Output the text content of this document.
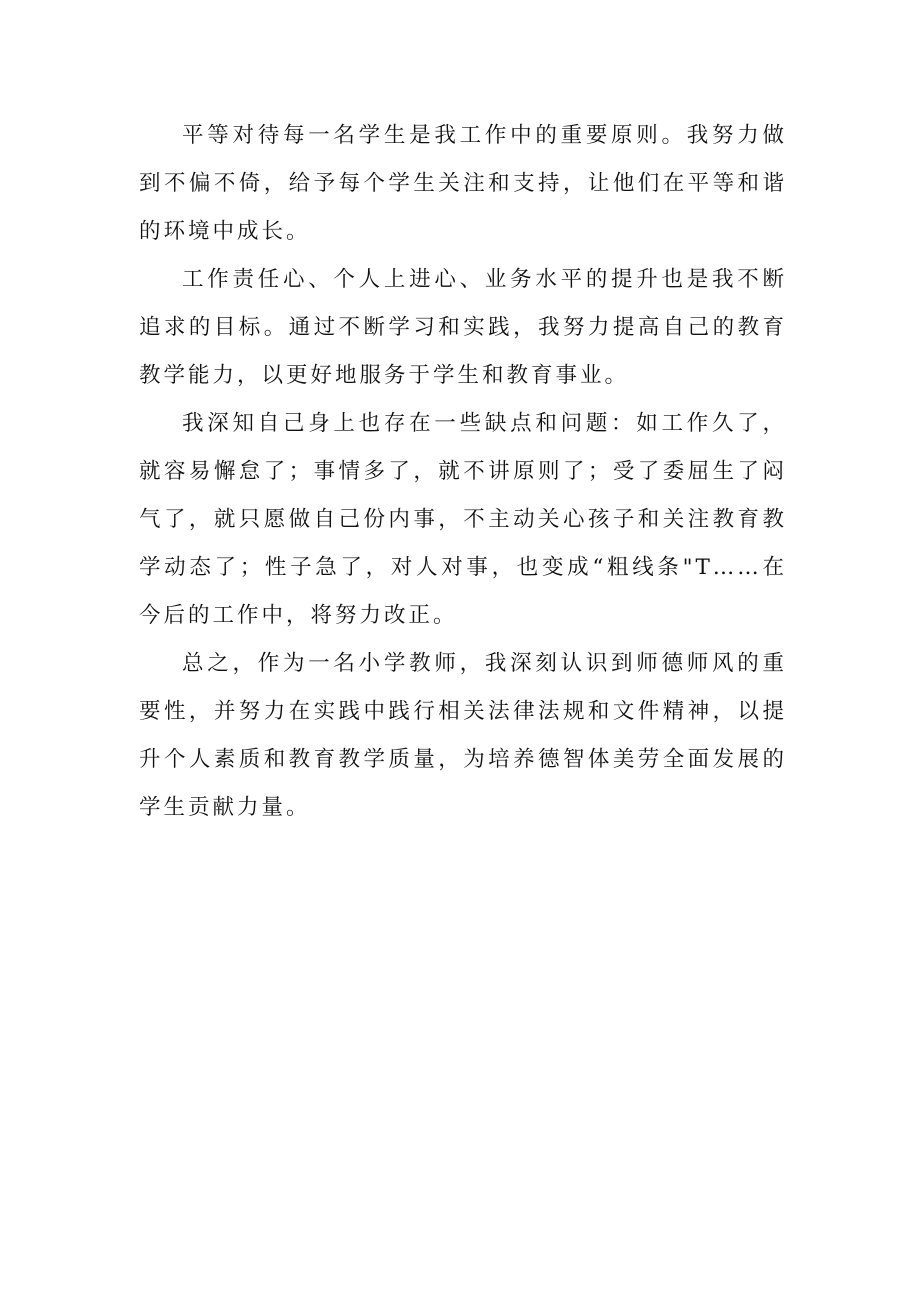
平等对待每一名学生是我工作中的重要原则。我努力做到不偏不倚，给予每个学生关注和支持，让他们在平等和谐的环境中成长。

工作责任心、个人上进心、业务水平的提升也是我不断追求的目标。通过不断学习和实践，我努力提高自己的教育教学能力，以更好地服务于学生和教育事业。

我深知自己身上也存在一些缺点和问题：如工作久了，就容易懈怠了；事情多了，就不讲原则了；受了委屈生了闷气了，就只愿做自己份内事，不主动关心孩子和关注教育教学动态了；性子急了，对人对事，也变成“粗线条"T……在今后的工作中，将努力改正。

总之，作为一名小学教师，我深刻认识到师德师风的重要性，并努力在实践中践行相关法律法规和文件精神，以提升个人素质和教育教学质量，为培养德智体美劳全面发展的学生贡献力量。
